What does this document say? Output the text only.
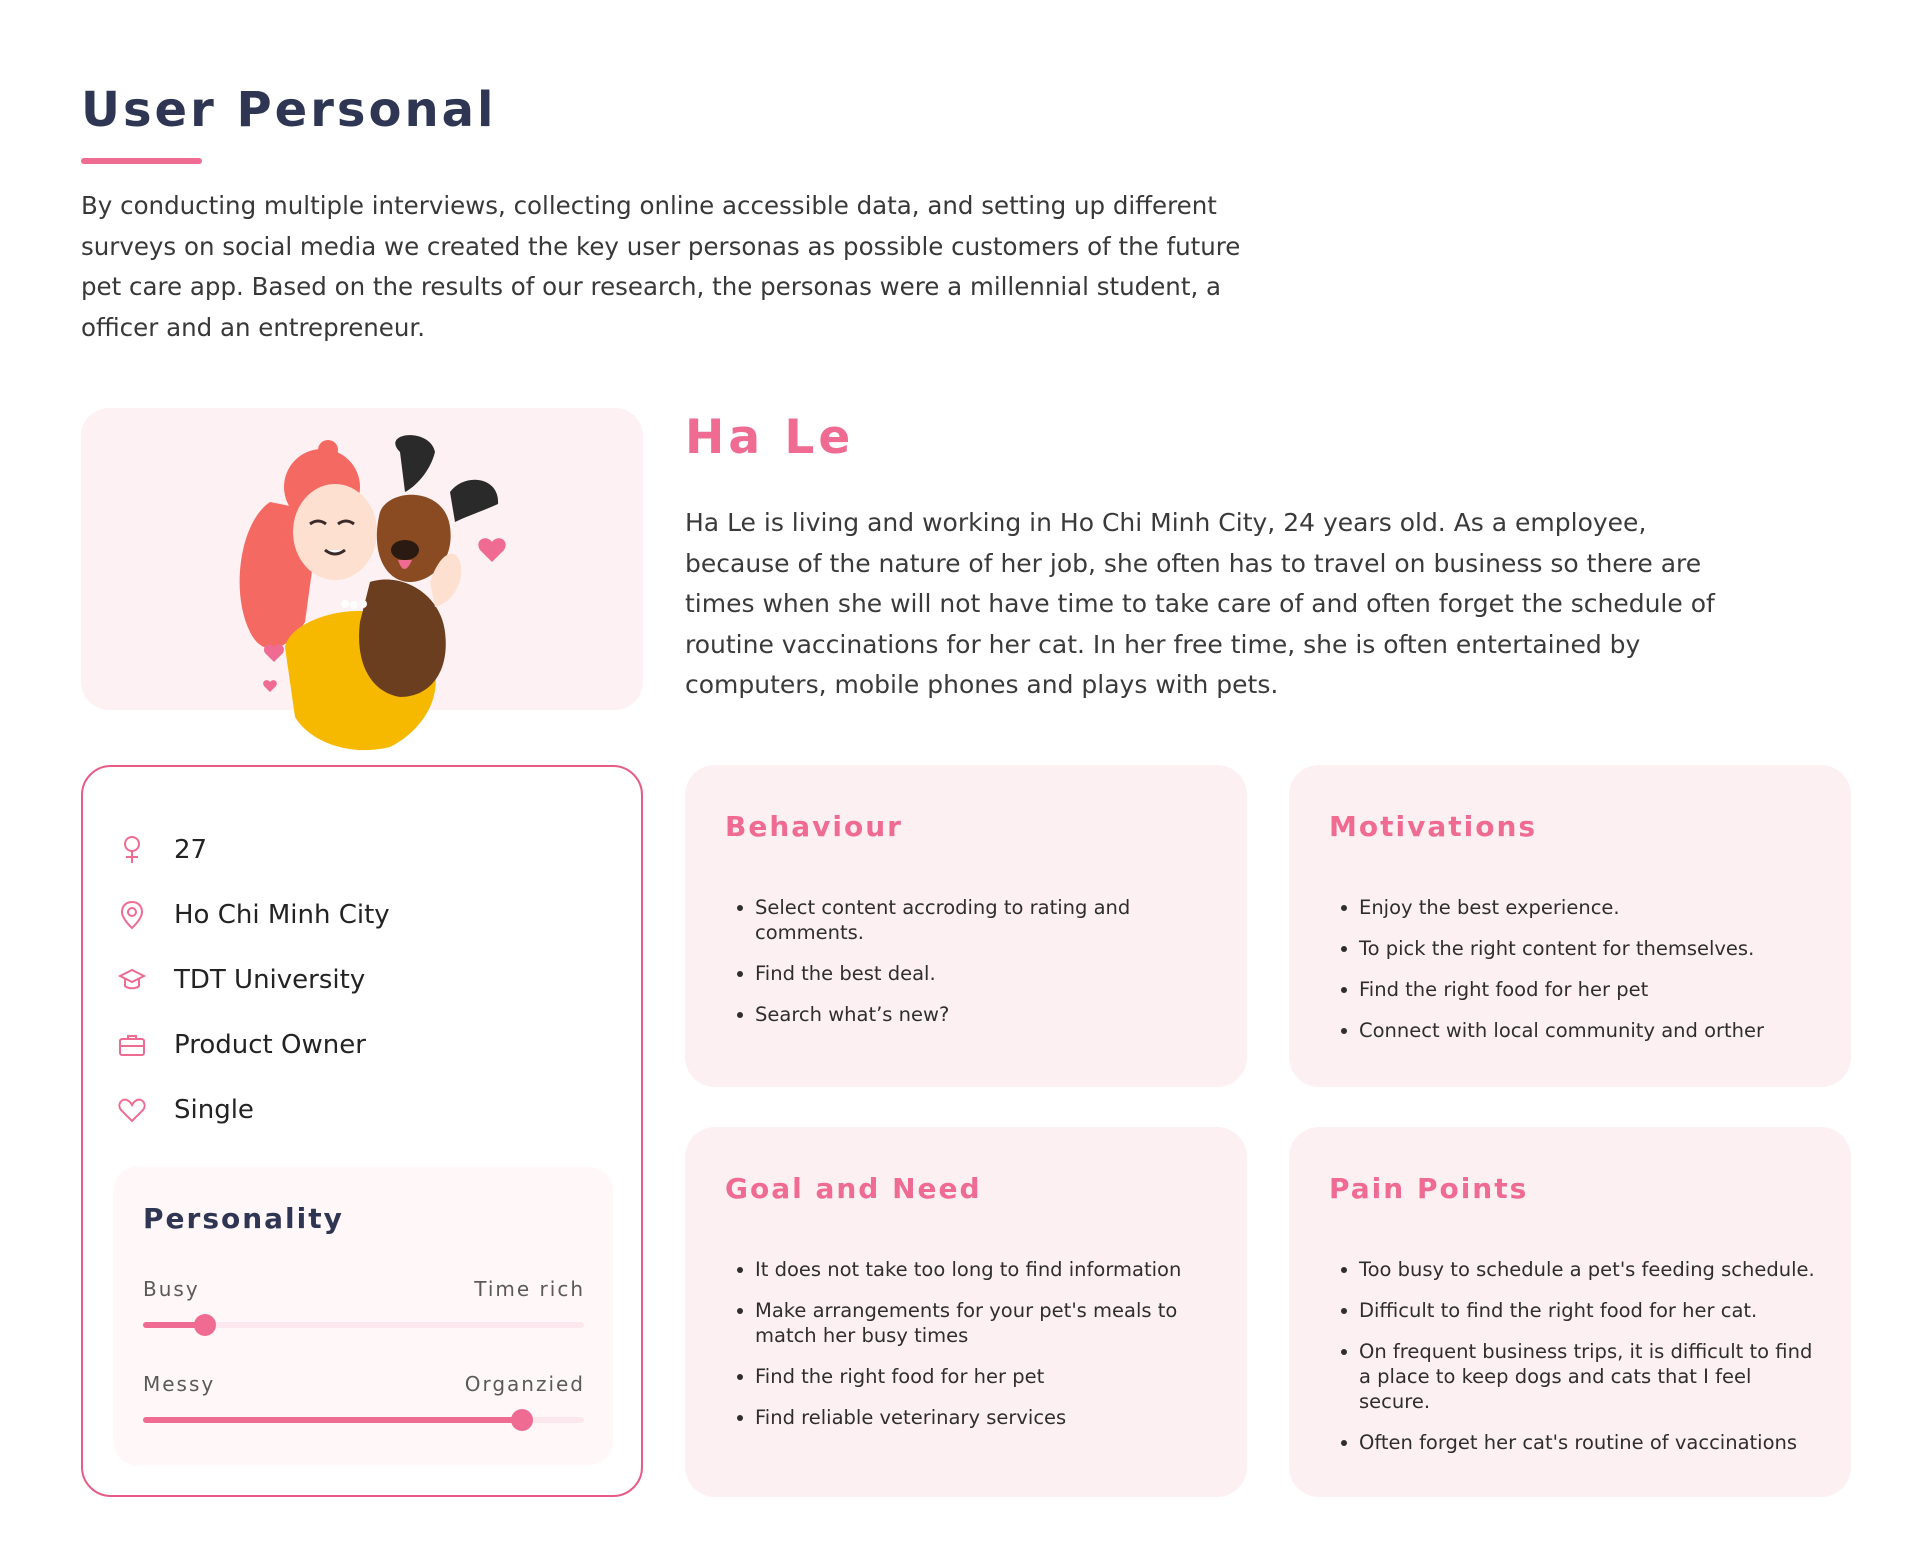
User Personal

By conducting multiple interviews, collecting online accessible data, and setting up different surveys on social media we created the key user personas as possible customers of the future pet care app. Based on the results of our research, the personas were a millennial student, a officer and an entrepreneur.

Ha Le

Ha Le is living and working in Ho Chi Minh City, 24 years old. As a employee, because of the nature of her job, she often has to travel on business so there are times when she will not have time to take care of and often forget the schedule of routine vaccinations for her cat. In her free time, she is often entertained by computers, mobile phones and plays with pets.

27
Ho Chi Minh City
TDT University
Product Owner
Single
Personality
Busy	Time rich
Messy	Organzied
Behaviour
Select content accroding to rating and comments.
Find the best deal.
Search what’s new?
Motivations
Enjoy the best experience.
To pick the right content for themselves.
Find the right food for her pet
Connect with local community and orther
Goal and Need
It does not take too long to find information
Make arrangements for your pet's meals to match her busy times
Find the right food for her pet
Find reliable veterinary services
Pain Points
Too busy to schedule a pet's feeding schedule.
Difficult to find the right food for her cat.
On frequent business trips, it is difficult to find a place to keep dogs and cats that I feel secure.
Often forget her cat's routine of vaccinations
